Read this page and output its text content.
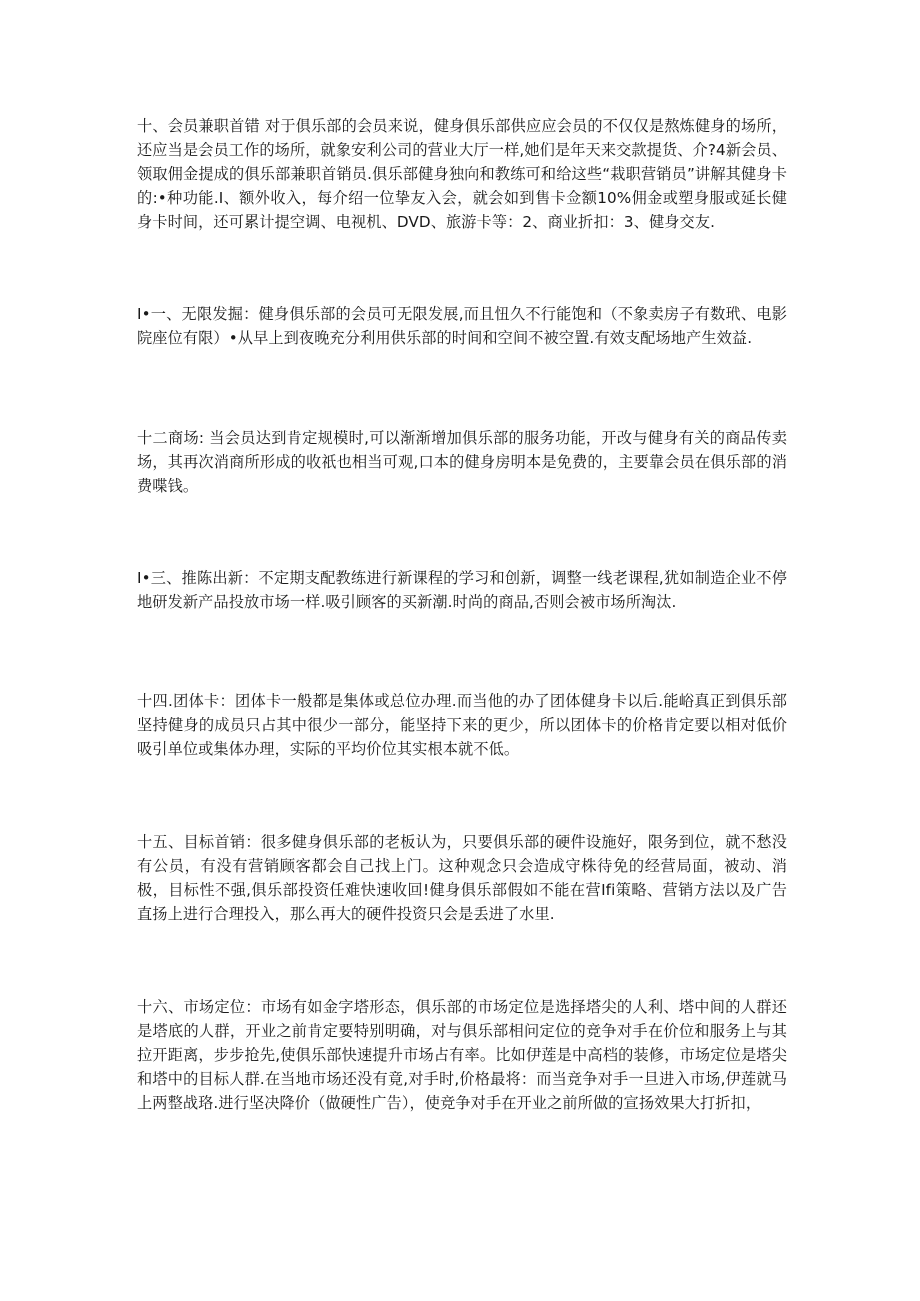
十、会员兼职首错 对于俱乐部的会员来说，健身俱乐部供应应会员的不仅仅是熬炼健身的场所，还应当是会员工作的场所，就象安利公司的营业大厅一样,她们是年天来交款提货、介?4新会员、领取佣金提成的俱乐部兼职首销员.俱乐部健身独向和教练可和给这些“栽职营销员”讲解其健身卡的:•种功能.I、额外收入，每介绍一位挚友入会，就会如到售卡佥额10%佣金或塑身服或延长健身卡时间，还可累计提空调、电视机、DVD、旅游卡等：2、商业折扣：3、健身交友.

I•一、无限发掘：健身俱乐部的会员可无限发展,而且忸久不行能饱和（不象卖房子有数玳、电影院座位有限）•从早上到夜晚充分利用供乐部的时间和空间不被空置.有效支配场地产生效益.

十二商场: 当会员达到肯定规模时,可以渐渐增加俱乐部的服务功能，开改与健身有关的商品传卖场，其再次消商所形成的收祇也相当可观,口本的健身房明本是免费的，主要靠会员在俱乐部的消费喋钱。

I•三、推陈出新：不定期支配教练进行新课程的学习和创新，调整一线老课程,犹如制造企业不停地研发新产品投放市场一样.吸引顾客的买新潮.时尚的商品,否则会被市场所淘汰.

十四.团体卡：团体卡一般都是集体或总位办理.而当他的办了团体健身卡以后.能峪真正到俱乐部坚持健身的成员只占其中很少一部分，能坚持下来的更少，所以团体卡的价格肯定要以相对低价吸引单位或集体办理，实际的平均价位其实根本就不低。

十五、目标首销：很多健身俱乐部的老板认为，只要俱乐部的硬件设施好，限务到位，就不愁没有公员，有没有营销顾客都会自己找上门。这种观念只会造成守株待免的经营局面，被动、消极，目标性不强,俱乐部投资任难快速收回!健身俱乐部假如不能在营Ifi策略、营销方法以及广告直扬上进行合理投入，那么再大的硬件投资只会是丢进了水里.

十六、市场定位：市场有如金字塔形态，俱乐部的市场定位是选择塔尖的人利、塔中间的人群还是塔底的人群，开业之前肯定要特别明确，对与俱乐部相问定位的竞争对手在价位和服务上与其拉开距离，步步抢先,使俱乐部快速提升市场占有率。比如伊莲是中高档的装修，市场定位是塔尖和塔中的目标人群.在当地市场还没有竟,对手时,价格最将：而当竞争对手一旦进入市场,伊莲就马上两整战珞.进行坚决降价（做硬性广告），使竞争对手在开业之前所做的宣扬效果大打折扣，
